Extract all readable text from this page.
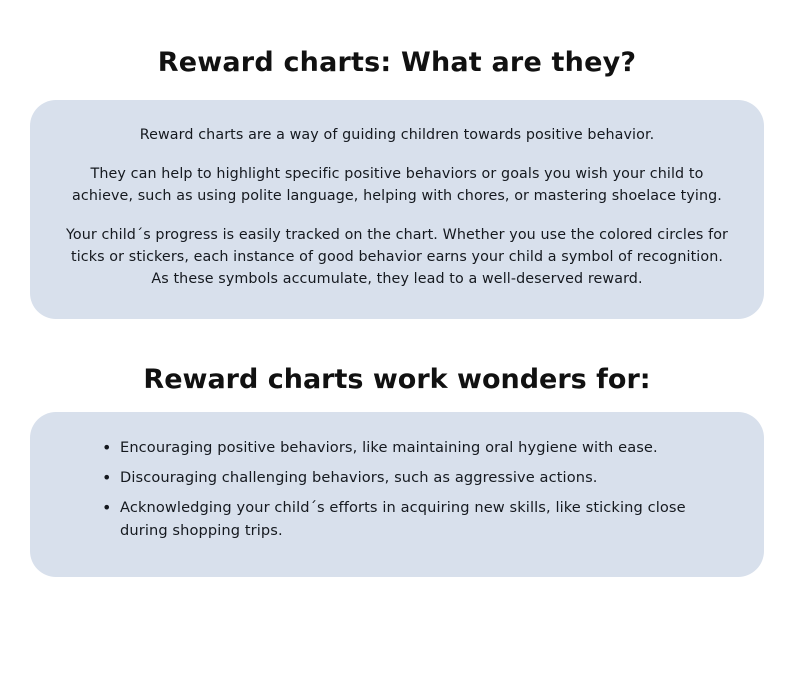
Reward charts: What are they?

Reward charts are a way of guiding children towards positive behavior.

They can help to highlight specific positive behaviors or goals you wish your child to achieve, such as using polite language, helping with chores, or mastering shoelace tying.

Your child´s progress is easily tracked on the chart. Whether you use the colored circles for ticks or stickers, each instance of good behavior earns your child a symbol of recognition. As these symbols accumulate, they lead to a well-deserved reward.

Reward charts work wonders for:
• Encouraging positive behaviors, like maintaining oral hygiene with ease.
• Discouraging challenging behaviors, such as aggressive actions.
• Acknowledging your child´s efforts in acquiring new skills, like sticking close during shopping trips.
